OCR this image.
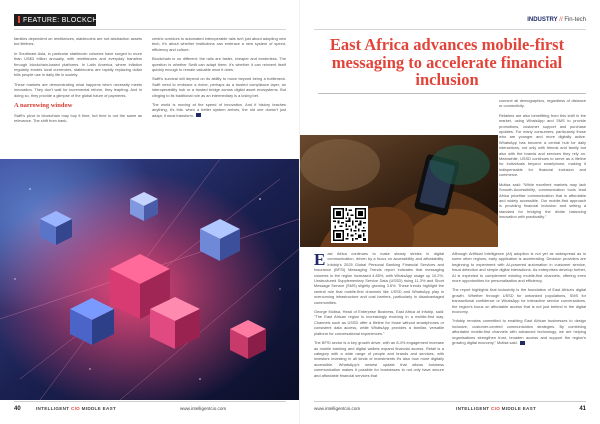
FEATURE: BLOCKCHAIN

families dependent on remittances, stablecoins are not abstraction assets but lifelines.

In Southeast Asia, in particular stablecoin volumes have surged to more than US$3 trillion annually, with remittances and everyday transfers through blockchain-based platforms. In Latin America, where inflation regularly erodes local currencies, stablecoins are rapidly replacing dollar bills people use in daily life in society.

These markets are demonstrating what happens when necessity meets innovation. They don't wait for incremental reform, they leapfrog. And in doing so, they provide a glimpse of the global future of payments.

A narrowing window

Swift's pivot to blockchain may buy it time, but time is not the same as relevance. The shift from bank-

centric corridors to automated interoperable rails isn't just about adopting new tech, it's about whether institutions can embrace a new system of speed, efficiency and culture.

Blockchain is no different: the rails are faster, cheaper and borderless. The question is whether Swift can adapt them: it's whether it can reinvent itself quickly enough to remain valuable once it does.

Swift's survival will depend on its ability to move beyond being a bottleneck. Swift need to embrace a richer, perhaps as a trusted compliance layer, an interoperability hub or a trusted bridge across digital asset ecosystems. But clinging to its traditional role as an intermediary is a losing bet.

The world is moving at the speed of innovation. And if history teaches anything, it's this: when a better system arrives, the old one doesn't just adapt, it must transform.

40	INTELLIGENT CIO MIDDLE EAST	www.intelligentcio.com
INDUSTRY // Fin-tech
East Africa advances mobile-first messaging to accelerate financial inclusion

connect all demographics, regardless of distance or connectivity.

Retailers are also benefitting from this shift in the market, using WhatsApp and SMS to provide promotions, customer support and purchase updates. For many consumers, particularly those who are younger and more digitally active, WhatsApp has become a central hub for daily interactions, not only with friends and family but also with the brands and services they rely on. Meanwhile, USSD continues to serve as a lifeline for individuals beyond smartphone, making it indispensable for financial inclusion and commerce.

Mutisa said: "While excellent markets may lack Smooth-Accessibility, communication tools lead Africa prioritise communication that is affordable and widely accessible. Our mobile-first approach is providing financial inclusion and setting a standard for bridging the divide balancing innovation with practicality."

East Africa continues to make steady strides in digital communication, driven by a focus on accessibility and affordability. Infobip's 2025 Global Personal Banking Financial Services and Insurance (BFSI) Messaging Trends report indicates that messaging volumes in the region increased 4.85%, with WhatsApp usage up 10.2%, Unstructured Supplementary Service Data (USSD) rising 11.3% and Short Message Service (SMS) slightly growing 3.6%. These trends highlight the central role that mobile-first channels like USSD and WhatsApp play in overcoming infrastructure and cost barriers, particularly in disadvantaged communities.

George Mutisa, Head of Enterprise Business, East Africa at Infobip, said: "The East African region is increasingly evolving in a mobile-first way. Channels such as USSD offer a lifeline for those without smartphones or consistent data access, while WhatsApp provides a familiar, versatile platform for conversational experiences."

The BFSI sector is a key growth driver, with an 8.4% engagement increase as mobile banking and digital wallets expand financial access. Retail is a category with a wide range of people and brands and services, with investors investing in all kinds of investments it's also now more digitally accessible. WhatsApp's newest update that allows business communication makes it possible for businesses to not only have secure and affordable financial services that

Although Artificial Intelligence (AI) adoption is not yet as widespread as in some other regions, early application is accelerating. Decision providers are beginning to experiment with AI-powered automation in customer service, fraud detection and simple digital interactions. As enterprises develop further, AI is expected to complement existing mobile-first channels, offering even more opportunities for personalisation and efficiency.

The report highlights that inclusivity is the foundation of East Africa's digital growth. Whether through USSD for unbanked populations, SMS for transactional confidence or WhatsApp for interactive service conversations, the region's focus on affordable access that is not just behind in the digital economy.

"Infobip remains committed to enabling East African businesses to design inclusive, customer-centred communication strategies. By combining affordable mobile-first channels with advanced technology, we are helping organisations strengthen trust, broaden access and support the region's growing digital economy," Mutisa said.

www.intelligentcio.com	INTELLIGENT CIO MIDDLE EAST	41
